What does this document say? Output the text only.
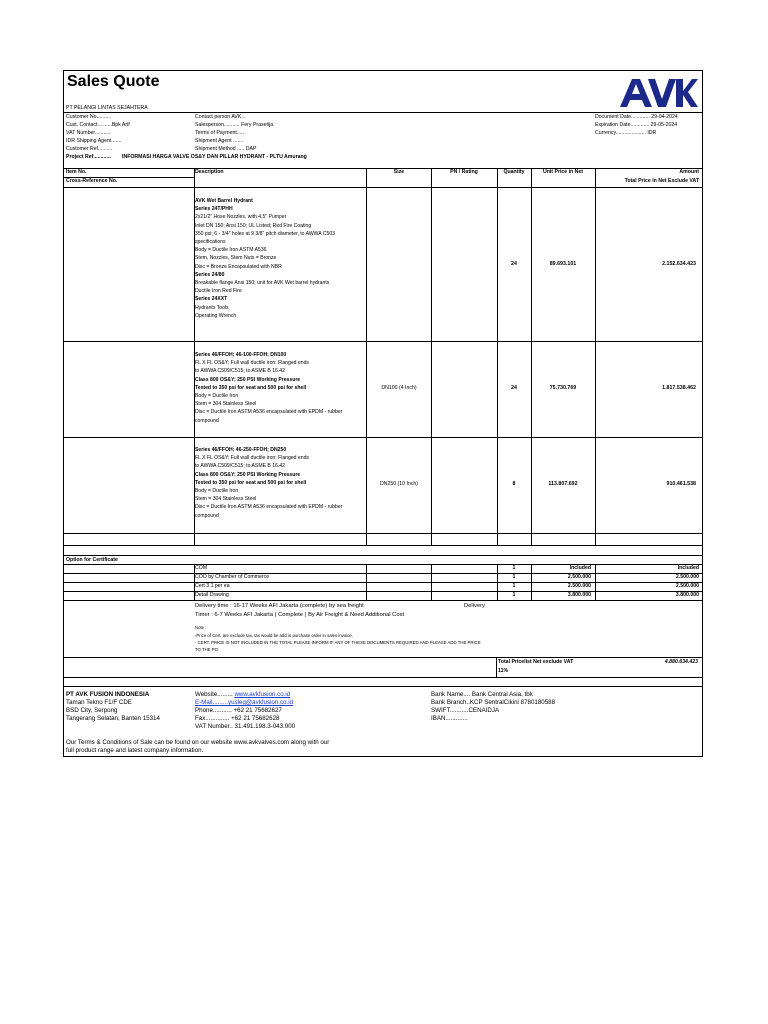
Sales Quote
PT PELANGI LINTAS SEJAHTERA
Customer No..........
Cust. Contact..........Bpk Arif
VAT Number...........
IDR Shipping Agent.......
Customer Ref..........
Project Ref............ INFORMASI HARGA VALVE OS&Y DAN PILLAR HYDRANT - PLTU Amurang
Contact person AVK...
Salesperson........... Fery Prasetija
Terms of Payment.....
Shipment Agent .......
Shipment Method ..... DAP
Document Date............. 29-04-2024
Expiration Date............. 29-05-2024
Currency..................... IDR
Item No.
Cross-Reference No.
Description	Size	PN / Rating	Quantity	Unit Price in Net	Amount
Total Price in Net Exclude VAT
AVK Wet Barrel Hydrant
Series 24T/PHH
2x21/2" Hose Nozzles, with 4,5" Pumper
Inlet DN 150; Ansi 150; UL Listed; Red Fire Coating
350 psi; 6 - 3/4" holes at 9 3/8" pitch diameter, to AWWA C503
specifications
Body = Ductile Iron ASTM A536
Stem, Nozzles, Stem Nuts = Bronze
Disc = Bronze Encapsulated with NBR
Series 24/80
Breakable flange Ansi 150; unit for AVK Wet barrel hydrants
Ductile Iron Red Fire
Series 24XXT
Hydrants Tools
Operating Wrench
24	89.693.101	2.152.634.423
Series 46/FFOH; 46-100-FFOH; DN100
FL X FL OS&Y; Full wall ductile iron; Flanged ends
to AWWA C509/C515; to ASME B 16.42
Class 800 OS&Y; 250 PSI Working Pressure
Tested to 350 psi for seat and 500 psi for shell
Body = Ductile Iron
Stem = 304 Stainless Steel
Disc = Ductile Iron ASTM A536 encapsulated with EPDM - rubber
compound
DN100 (4 Inch)	24	75.730.769	1.817.538.462
Series 46/FFOH; 46-250-FFOH; DN250
FL X FL OS&Y; Full wall ductile iron; Flanged ends
to AWWA C509/C515; to ASME B 16.42
Class 800 OS&Y; 250 PSI Working Pressure
Tested to 350 psi for seat and 500 psi for shell
Body = Ductile Iron
Stem = 304 Stainless Steel
Disc = Ductile Iron ASTM A536 encapsulated with EPDM - rubber
compound
DN250 (10 Inch)	8	113.807.692	910.461.538
Option for Certificate
COM	1	Included	Included
COO by Chamber of Commerce	1	2.500.000	2.500.000
Cert 3.1 per ea	1	2.500.000	2.500.000
Detail Drawing	1	3.800.000	3.800.000
Delivery time : 16-17 Weeks AFI Jakarta (complete) by sea freight	Delivery
Timer : 6-7 Weeks AFI Jakarta ( Complete ) By Air Freight & Need Additional Cost
Note :
-Price of Cert. are exclude tax, tax would be add in purchase order in sales invoice.
- CERT. PRICE IS NOT INCLUDED IN THE TOTAL PLEASE INFORM IF ANY OF THESE DOCUMENTS REQUIRED AND PLEASE ADD THE PRICE
TO THE PO
Total Pricelist Net exclude VAT
11%
4.880.634.423
PT AVK FUSION INDONESIA
Taman Tekno F1/F CDE
BSD City, Serpong
Tangerang Selatan, Banten 15314
Website......... www.avkfusion.co.id
E-Mail.........yusleg@avkfusion.co.id
Phone........... +62 21 75682627
Fax.............. +62 21 75682628
VAT Number.. 31.491.198.3-043.000
Bank Name.... Bank Central Asia, tbk
Bank Branch..KCP SentralCikini 8780180588
SWIFT...........CENAIDJA
IBAN.............
Our Terms & Conditions of Sale can be found on our website www.avkvalves.com along with our
full product range and latest company information.
